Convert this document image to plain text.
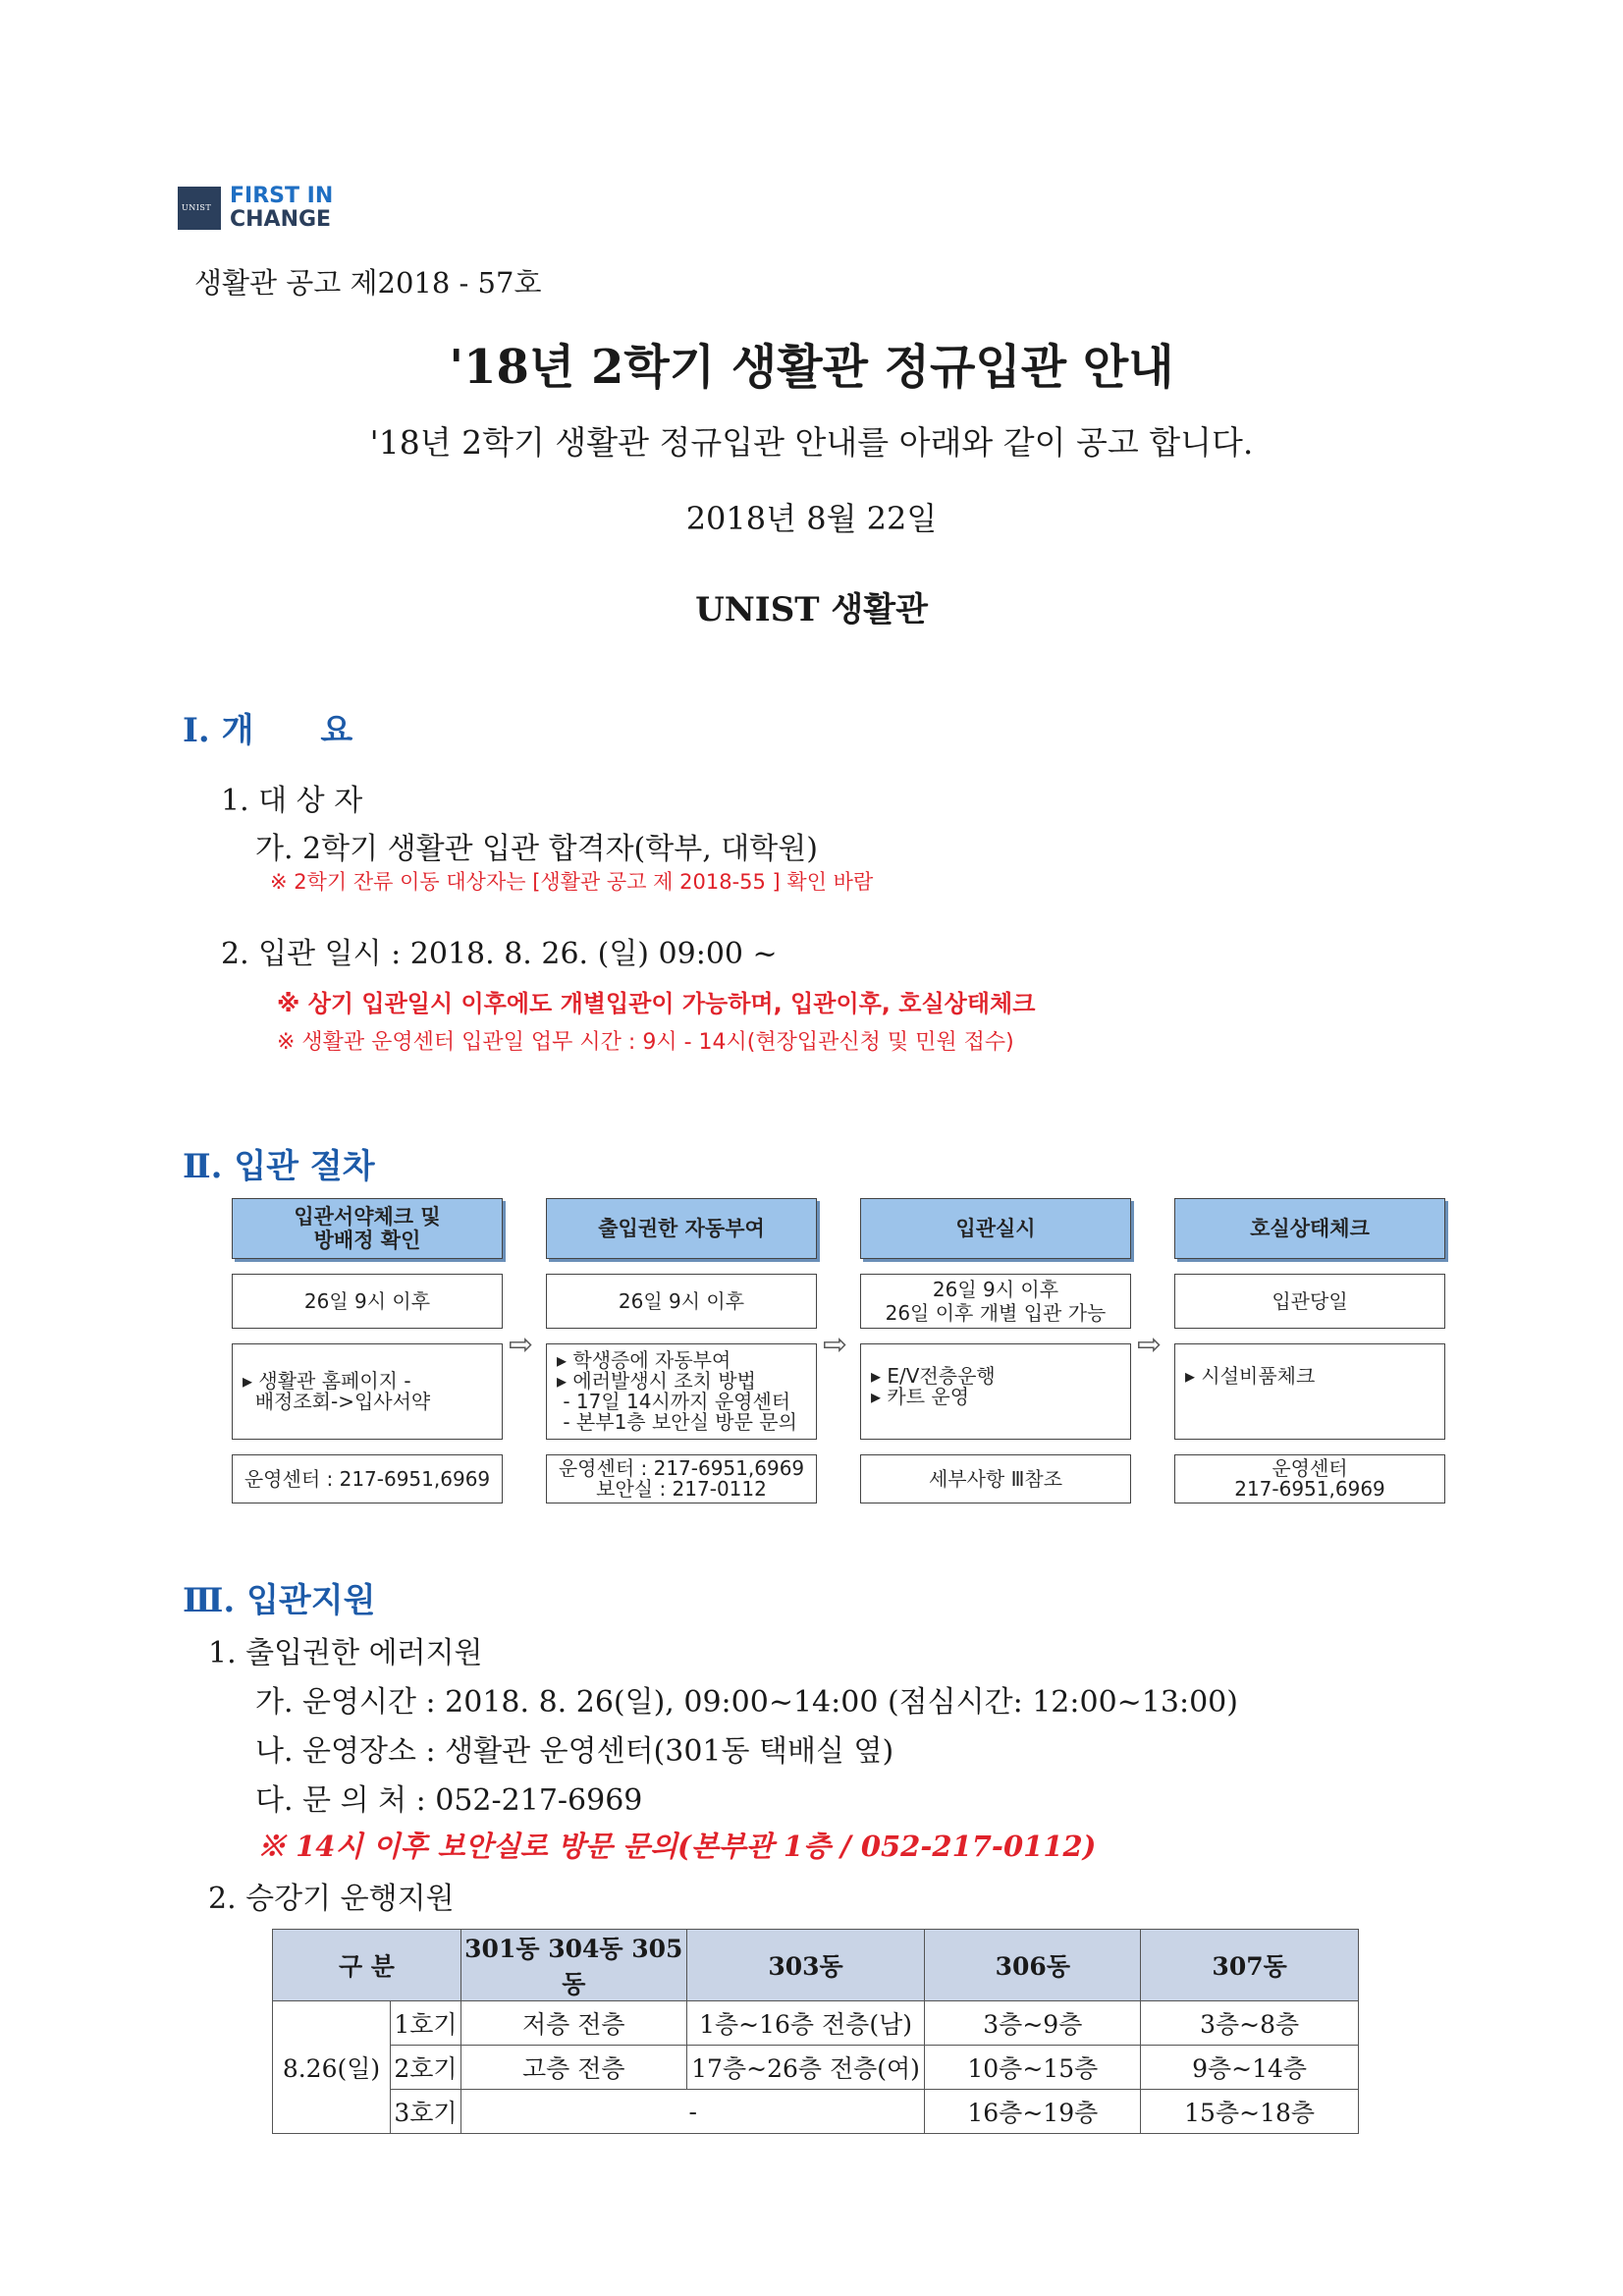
UNIST FIRST IN
CHANGE
생활관 공고 제2018 - 57호
'18년 2학기 생활관 정규입관 안내
'18년 2학기 생활관 정규입관 안내를 아래와 같이 공고 합니다.
2018년 8월 22일
UNIST 생활관
Ⅰ. 개　　요
1. 대 상 자
가. 2학기 생활관 입관 합격자(학부, 대학원)
※ 2학기 잔류 이동 대상자는 [생활관 공고 제 2018-55 ] 확인 바람
2. 입관 일시 : 2018. 8. 26. (일) 09:00 ~
※ 상기 입관일시 이후에도 개별입관이 가능하며, 입관이후, 호실상태체크
※ 생활관 운영센터 입관일 업무 시간 : 9시 - 14시(현장입관신청 및 민원 접수)
Ⅱ. 입관 절차
입관서약체크 및
방배정 확인
26일 9시 이후
▸ 생활관 홈페이지 -
배정조회->입사서약
운영센터 : 217-6951,6969
⇨
출입권한 자동부여
26일 9시 이후
▸ 학생증에 자동부여
▸ 에러발생시 조치 방법
- 17일 14시까지 운영센터
- 본부1층 보안실 방문 문의
운영센터 : 217-6951,6969
보안실 : 217-0112
⇨
입관실시
26일 9시 이후
26일 이후 개별 입관 가능
▸ E/V전층운행
▸ 카트 운영
세부사항 Ⅲ참조
⇨
호실상태체크
입관당일
▸ 시설비품체크
운영센터
217-6951,6969
Ⅲ. 입관지원
1. 출입권한 에러지원
가. 운영시간 : 2018. 8. 26(일), 09:00~14:00 (점심시간: 12:00~13:00)
나. 운영장소 : 생활관 운영센터(301동 택배실 옆)
다. 문 의 처 : 052-217-6969
※ 14시 이후 보안실로 방문 문의(본부관 1층 / 052-217-0112)
2. 승강기 운행지원
구 분		301동 304동 305동	303동	306동	307동
8.26(일)	1호기	저층 전층	1층~16층 전층(남)	3층~9층	3층~8층
	2호기	고층 전층	17층~26층 전층(여)	10층~15층	9층~14층
	3호기	-		16층~19층	15층~18층
